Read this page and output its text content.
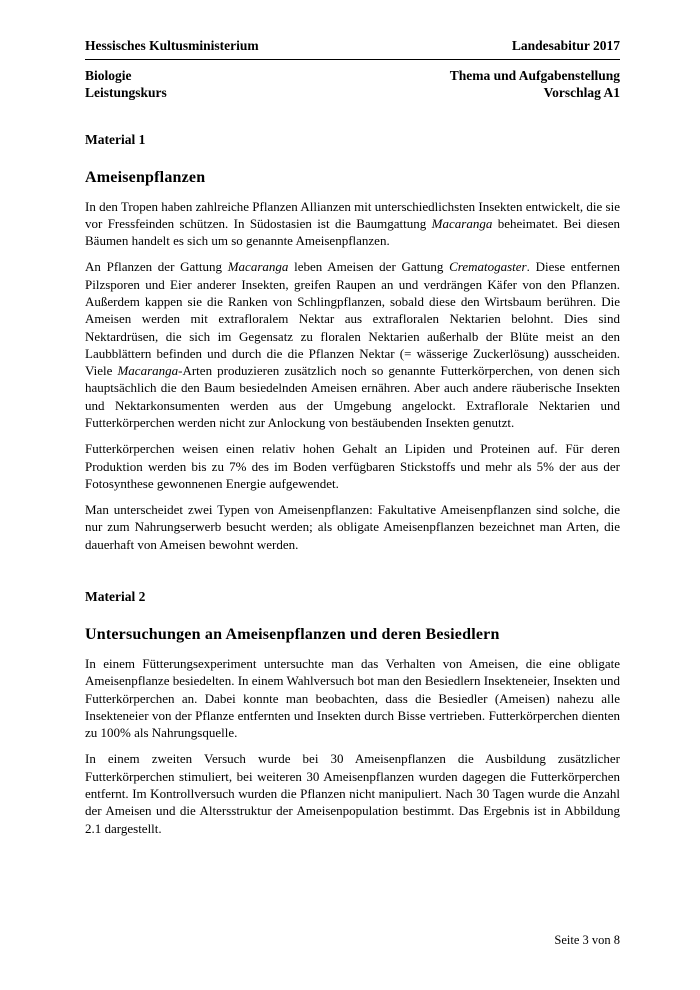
Hessisches Kultusministerium	Landesabitur 2017
Biologie	Thema und Aufgabenstellung
Leistungskurs	Vorschlag A1
Material 1
Ameisenpflanzen

In den Tropen haben zahlreiche Pflanzen Allianzen mit unterschiedlichsten Insekten entwickelt, die sie vor Fressfeinden schützen. In Südostasien ist die Baumgattung Macaranga beheimatet. Bei diesen Bäumen handelt es sich um so genannte Ameisenpflanzen.

An Pflanzen der Gattung Macaranga leben Ameisen der Gattung Crematogaster. Diese entfernen Pilzsporen und Eier anderer Insekten, greifen Raupen an und verdrängen Käfer von den Pflanzen. Außerdem kappen sie die Ranken von Schlingpflanzen, sobald diese den Wirtsbaum berühren. Die Ameisen werden mit extrafloralem Nektar aus extrafloralen Nektarien belohnt. Dies sind Nektardrüsen, die sich im Gegensatz zu floralen Nektarien außerhalb der Blüte meist an den Laubblättern befinden und durch die die Pflanzen Nektar (= wässerige Zuckerlösung) ausscheiden. Viele Macaranga-Arten produzieren zusätzlich noch so genannte Futterkörperchen, von denen sich hauptsächlich die den Baum besiedelnden Ameisen ernähren. Aber auch andere räuberische Insekten und Nektarkonsumenten werden aus der Umgebung angelockt. Extraflorale Nektarien und Futterkörperchen werden nicht zur Anlockung von bestäubenden Insekten genutzt.

Futterkörperchen weisen einen relativ hohen Gehalt an Lipiden und Proteinen auf. Für deren Produktion werden bis zu 7% des im Boden verfügbaren Stickstoffs und mehr als 5% der aus der Fotosynthese gewonnenen Energie aufgewendet.

Man unterscheidet zwei Typen von Ameisenpflanzen: Fakultative Ameisenpflanzen sind solche, die nur zum Nahrungserwerb besucht werden; als obligate Ameisenpflanzen bezeichnet man Arten, die dauerhaft von Ameisen bewohnt werden.

Material 2
Untersuchungen an Ameisenpflanzen und deren Besiedlern

In einem Fütterungsexperiment untersuchte man das Verhalten von Ameisen, die eine obligate Ameisenpflanze besiedelten. In einem Wahlversuch bot man den Besiedlern Insekteneier, Insekten und Futterkörperchen an. Dabei konnte man beobachten, dass die Besiedler (Ameisen) nahezu alle Insekteneier von der Pflanze entfernten und Insekten durch Bisse vertrieben. Futterkörperchen dienten zu 100% als Nahrungsquelle.

In einem zweiten Versuch wurde bei 30 Ameisenpflanzen die Ausbildung zusätzlicher Futterkörperchen stimuliert, bei weiteren 30 Ameisenpflanzen wurden dagegen die Futterkörperchen entfernt. Im Kontrollversuch wurden die Pflanzen nicht manipuliert. Nach 30 Tagen wurde die Anzahl der Ameisen und die Altersstruktur der Ameisenpopulation bestimmt. Das Ergebnis ist in Abbildung 2.1 dargestellt.

Seite 3 von 8
